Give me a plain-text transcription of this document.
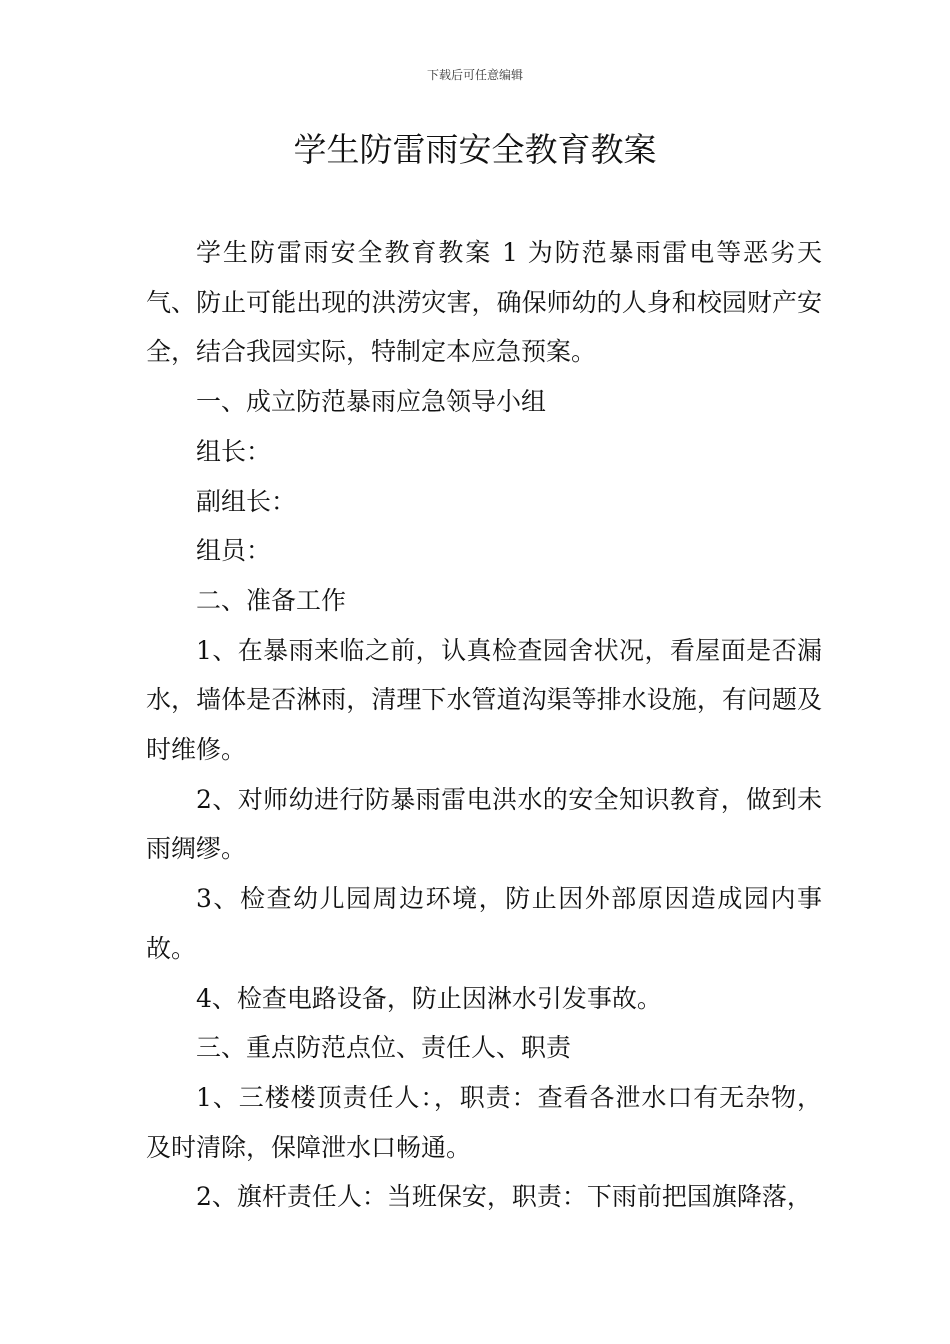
下载后可任意编辑
学生防雷雨安全教育教案

学生防雷雨安全教育教案 1 为防范暴雨雷电等恶劣天气、防止可能出现的洪涝灾害，确保师幼的人身和校园财产安全，结合我园实际，特制定本应急预案。

一、成立防范暴雨应急领导小组

组长：

副组长：

组员：

二、准备工作

1、在暴雨来临之前，认真检查园舍状况，看屋面是否漏水，墙体是否淋雨，清理下水管道沟渠等排水设施，有问题及时维修。

2、对师幼进行防暴雨雷电洪水的安全知识教育，做到未雨绸缪。

3、检查幼儿园周边环境，防止因外部原因造成园内事故。

4、检查电路设备，防止因淋水引发事故。

三、重点防范点位、责任人、职责

1、三楼楼顶责任人：，职责：查看各泄水口有无杂物，及时清除，保障泄水口畅通。

2、旗杆责任人：当班保安，职责：下雨前把国旗降落，
